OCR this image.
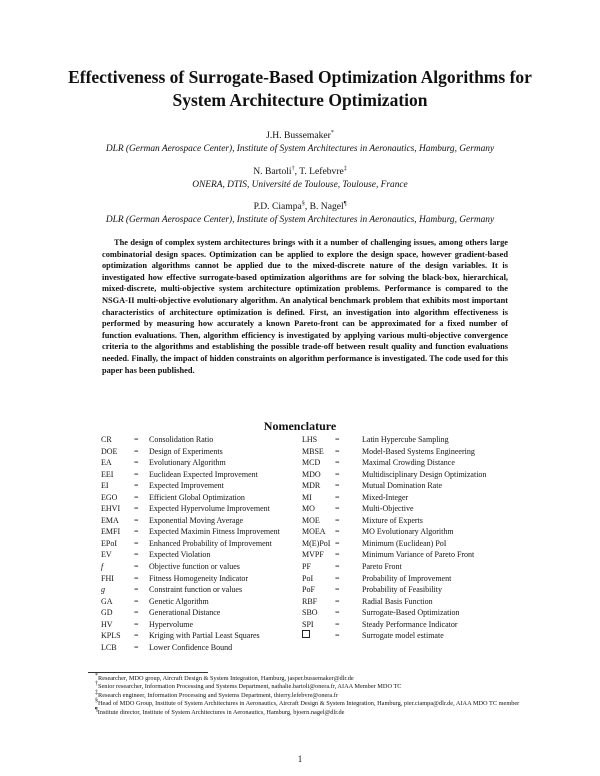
Effectiveness of Surrogate-Based Optimization Algorithms for
System Architecture Optimization
J.H. Bussemaker*
DLR (German Aerospace Center), Institute of System Architectures in Aeronautics, Hamburg, Germany
N. Bartoli†, T. Lefebvre‡
ONERA, DTIS, Université de Toulouse, Toulouse, France
P.D. Ciampa§, B. Nagel¶
DLR (German Aerospace Center), Institute of System Architectures in Aeronautics, Hamburg, Germany

The design of complex system architectures brings with it a number of challenging issues, among others large combinatorial design spaces. Optimization can be applied to explore the design space, however gradient-based optimization algorithms cannot be applied due to the mixed-discrete nature of the design variables. It is investigated how effective surrogate-based optimization algorithms are for solving the black-box, hierarchical, mixed-discrete, multi-objective system architecture optimization problems. Performance is compared to the NSGA-II multi-objective evolutionary algorithm. An analytical benchmark problem that exhibits most important characteristics of architecture optimization is defined. First, an investigation into algorithm effectiveness is performed by measuring how accurately a known Pareto-front can be approximated for a fixed number of function evaluations. Then, algorithm efficiency is investigated by applying various multi-objective convergence criteria to the algorithms and establishing the possible trade-off between result quality and function evaluations needed. Finally, the impact of hidden constraints on algorithm performance is investigated. The code used for this paper has been published.

Nomenclature
CR	= Consolidation Ratio	LHS =	Latin Hypercube Sampling
DOE = Design of Experiments	MBSE =	Model-Based Systems Engineering
EA	= Evolutionary Algorithm	MCD =	Maximal Crowding Distance
EEI	= Euclidean Expected Improvement	MDO =	Multidisciplinary Design Optimization
EI	= Expected Improvement	MDR =	Mutual Domination Rate
EGO = Efficient Global Optimization	MI	=	Mixed-Integer
EHVI = Expected Hypervolume Improvement	MO	=	Multi-Objective
EMA = Exponential Moving Average	MOE =	Mixture of Experts
EMFI = Expected Maximin Fitness Improvement	MOEA =	MO Evolutionary Algorithm
EPoI = Enhanced Probability of Improvement	M(E)PoI =	Minimum (Euclidean) PoI
EV	= Expected Violation	MVPF =	Minimum Variance of Pareto Front
f	= Objective function or values	PF	=	Pareto Front
FHI	= Fitness Homogeneity Indicator	PoI	=	Probability of Improvement
g	= Constraint function or values	PoF	=	Probability of Feasibility
GA	= Genetic Algorithm	RBF =	Radial Basis Function
GD	= Generational Distance	SBO =	Surrogate-Based Optimization
HV	= Hypervolume	SPI	=	Steady Performance Indicator
KPLS = Kriging with Partial Least Squares	=	Surrogate model estimate
LCB = Lower Confidence Bound

*Researcher, MDO group, Aircraft Design & System Integration, Hamburg, jasper.bussemaker@dlr.de

†Senior researcher, Information Processing and Systems Department, nathalie.bartoli@onera.fr, AIAA Member MDO TC

‡Research engineer, Information Processing and Systems Department, thierry.lefebvre@onera.fr

§Head of MDO Group, Institute of System Architectures in Aeronautics, Aircraft Design & System Integration, Hamburg, pier.ciampa@dlr.de, AIAA MDO TC member

¶Institute director, Institute of System Architectures in Aeronautics, Hamburg, bjoern.nagel@dlr.de

1
